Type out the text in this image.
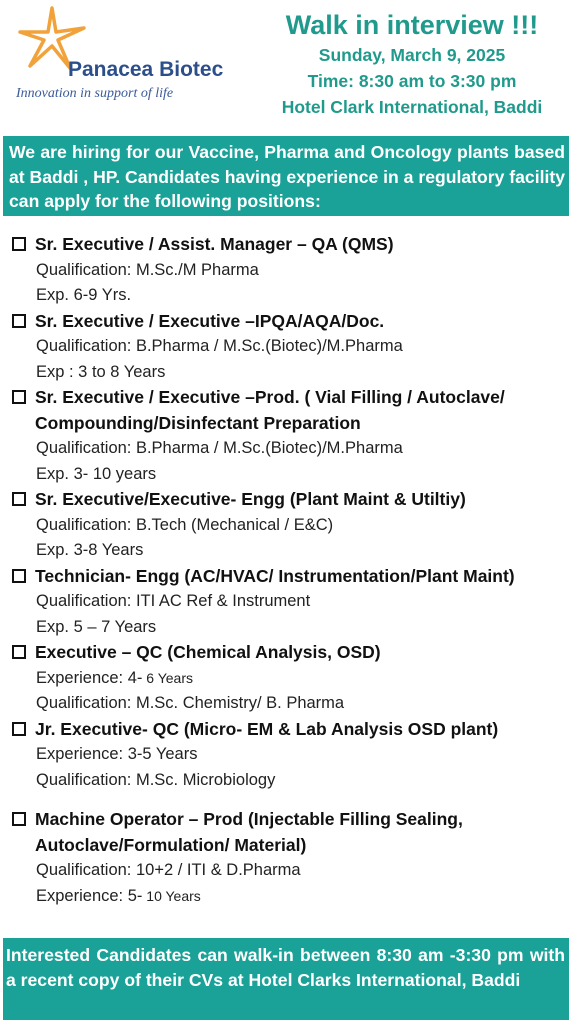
Panacea Biotec
Innovation in support of life
Walk in interview !!!
Sunday, March 9, 2025
Time: 8:30 am to 3:30 pm
Hotel Clark International, Baddi
We are hiring for our Vaccine, Pharma and Oncology plants based at Baddi , HP. Candidates having experience in a regulatory facility can apply for the following positions:
Sr. Executive / Assist. Manager – QA (QMS)
Qualification: M.Sc./M Pharma
Exp. 6-9 Yrs.
Sr. Executive / Executive –IPQA/AQA/Doc.
Qualification: B.Pharma / M.Sc.(Biotec)/M.Pharma
Exp : 3 to 8 Years
Sr. Executive / Executive –Prod. ( Vial Filling / Autoclave/ Compounding/Disinfectant Preparation
Qualification: B.Pharma / M.Sc.(Biotec)/M.Pharma
Exp. 3- 10 years
Sr. Executive/Executive- Engg (Plant Maint & Utiltiy)
Qualification: B.Tech (Mechanical / E&C)
Exp. 3-8 Years
Technician- Engg (AC/HVAC/ Instrumentation/Plant Maint)
Qualification: ITI AC Ref & Instrument
Exp. 5 – 7 Years
Executive – QC (Chemical Analysis, OSD)
Experience: 4- 6 Years
Qualification: M.Sc. Chemistry/ B. Pharma
Jr. Executive- QC (Micro- EM & Lab Analysis OSD plant)
Experience: 3-5 Years
Qualification: M.Sc. Microbiology
Machine Operator – Prod (Injectable Filling Sealing, Autoclave/Formulation/ Material)
Qualification: 10+2 / ITI & D.Pharma
Experience: 5- 10 Years
Interested Candidates can walk-in between 8:30 am -3:30 pm with a recent copy of their CVs at Hotel Clarks International, Baddi
